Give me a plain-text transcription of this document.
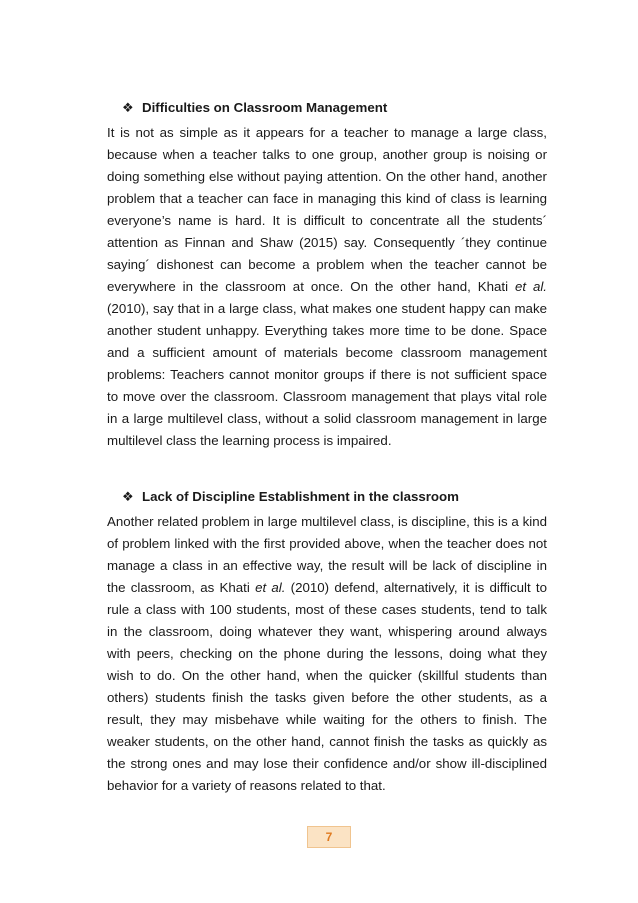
❖ Difficulties on Classroom Management

It is not as simple as it appears for a teacher to manage a large class, because when a teacher talks to one group, another group is noising or doing something else without paying attention. On the other hand, another problem that a teacher can face in managing this kind of class is learning everyone’s name is hard. It is difficult to concentrate all the students´ attention as Finnan and Shaw (2015) say. Consequently ´they continue saying´ dishonest can become a problem when the teacher cannot be everywhere in the classroom at once. On the other hand, Khati et al. (2010), say that in a large class, what makes one student happy can make another student unhappy. Everything takes more time to be done. Space and a sufficient amount of materials become classroom management problems: Teachers cannot monitor groups if there is not sufficient space to move over the classroom. Classroom management that plays vital role in a large multilevel class, without a solid classroom management in large multilevel class the learning process is impaired.

❖ Lack of Discipline Establishment in the classroom

Another related problem in large multilevel class, is discipline, this is a kind of problem linked with the first provided above, when the teacher does not manage a class in an effective way, the result will be lack of discipline in the classroom, as Khati et al. (2010) defend, alternatively, it is difficult to rule a class with 100 students, most of these cases students, tend to talk in the classroom, doing whatever they want, whispering around always with peers, checking on the phone during the lessons, doing what they wish to do. On the other hand, when the quicker (skillful students than others) students finish the tasks given before the other students, as a result, they may misbehave while waiting for the others to finish. The weaker students, on the other hand, cannot finish the tasks as quickly as the strong ones and may lose their confidence and/or show ill-disciplined behavior for a variety of reasons related to that.

7
